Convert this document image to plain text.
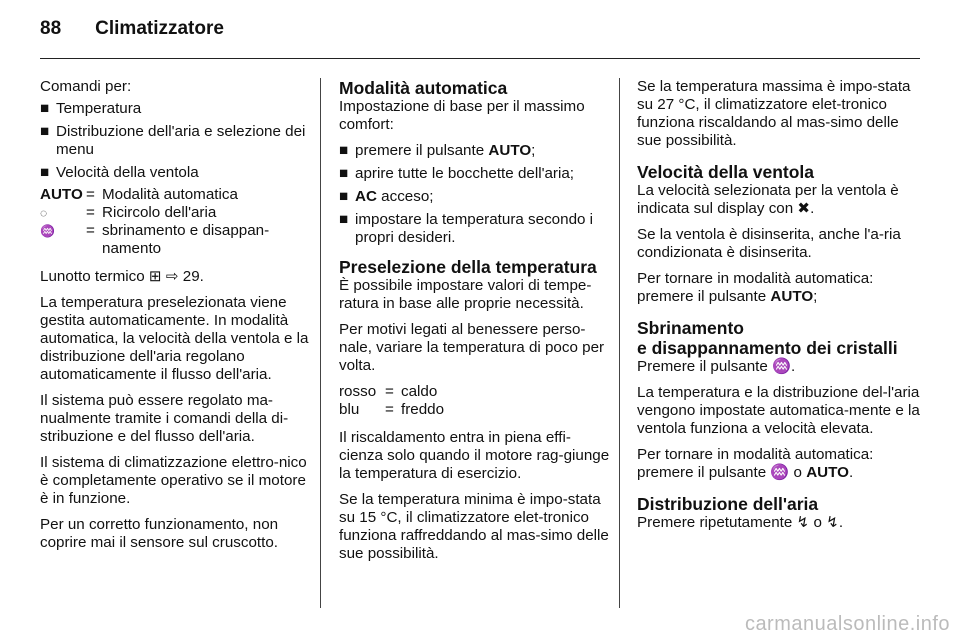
88 Climatizzatore

Comandi per:

■ Temperatura
■ Distribuzione dell'aria e selezione dei menu
■ Velocità della ventola
AUTO = Modalità automatica
◌	= Ricircolo dell'aria
♒	= sbrinamento e disappan-namento

Lunotto termico ⊞ ⇨ 29.

La temperatura preselezionata viene gestita automaticamente. In modalità automatica, la velocità della ventola e la distribuzione dell'aria regolano automaticamente il flusso dell'aria.

Il sistema può essere regolato ma-nualmente tramite i comandi della di-stribuzione e del flusso dell'aria.

Il sistema di climatizzazione elettro-nico è completamente operativo se il motore è in funzione.

Per un corretto funzionamento, non coprire mai il sensore sul cruscotto.

Modalità automatica

Impostazione di base per il massimo comfort:

■ premere il pulsante AUTO;
■ aprire tutte le bocchette dell'aria;
■ AC acceso;
■ impostare la temperatura secondo i propri desideri.
Preselezione della temperatura

È possibile impostare valori di tempe-ratura in base alle proprie necessità.

Per motivi legati al benessere perso-nale, variare la temperatura di poco per volta.

rosso = caldo
blu	= freddo

Il riscaldamento entra in piena effi-cienza solo quando il motore rag-giunge la temperatura di esercizio.

Se la temperatura minima è impo-stata su 15 °C, il climatizzatore elet-tronico funziona raffreddando al mas-simo delle sue possibilità.

Se la temperatura massima è impo-stata su 27 °C, il climatizzatore elet-tronico funziona riscaldando al mas-simo delle sue possibilità.

Velocità della ventola

La velocità selezionata per la ventola è indicata sul display con ✖.

Se la ventola è disinserita, anche l'a-ria condizionata è disinserita.

Per tornare in modalità automatica: premere il pulsante AUTO;

Sbrinamento
e disappannamento dei cristalli

Premere il pulsante ♒.

La temperatura e la distribuzione del-l'aria vengono impostate automatica-mente e la ventola funziona a velocità elevata.

Per tornare in modalità automatica: premere il pulsante ♒ o AUTO.

Distribuzione dell'aria

Premere ripetutamente ↯ o ↯.

carmanualsonline.info
